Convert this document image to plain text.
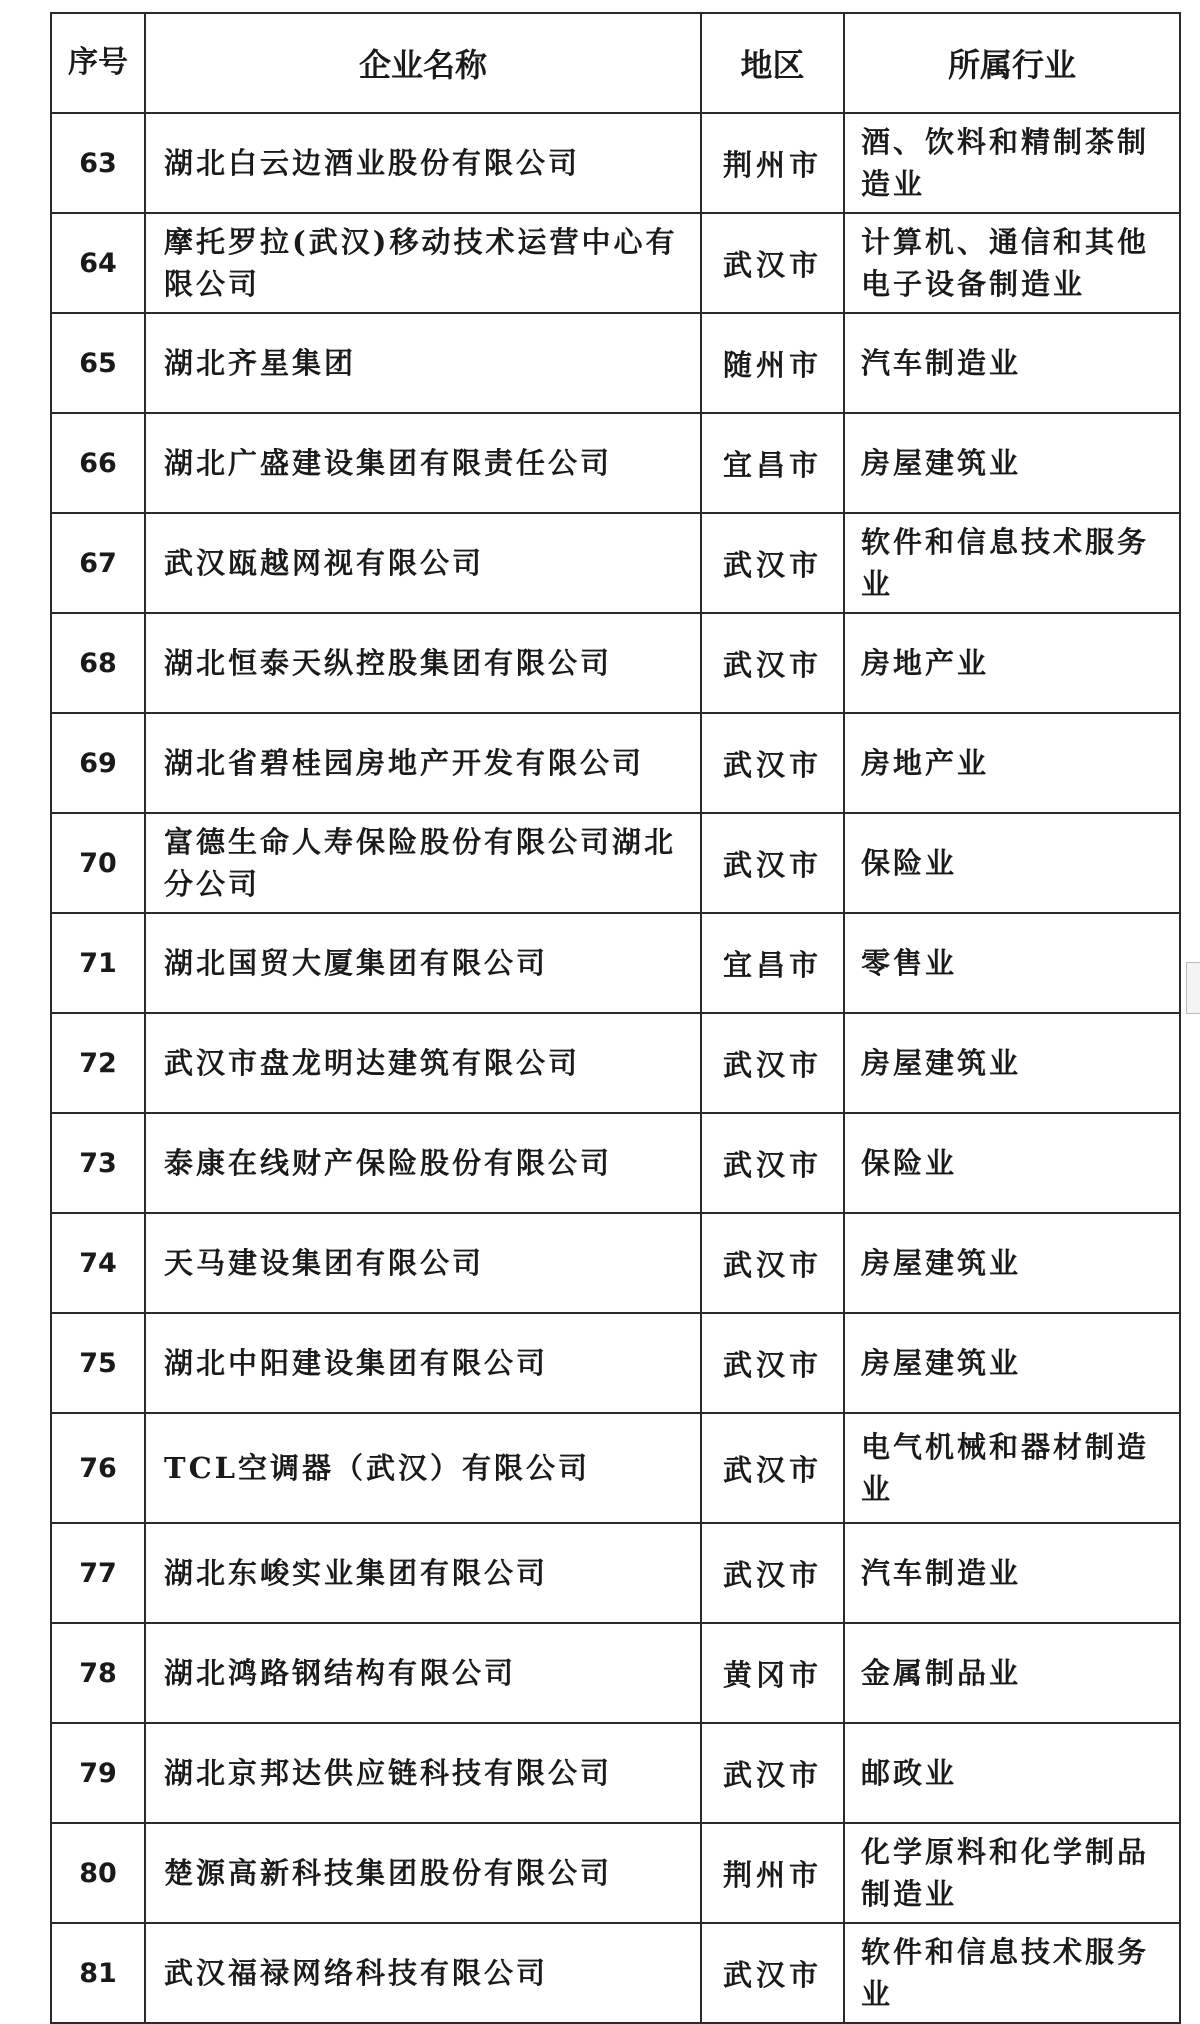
序号	企业名称	地区	所属行业
63	湖北白云边酒业股份有限公司	荆州市	酒、饮料和精制茶制造业
64	摩托罗拉(武汉)移动技术运营中心有限公司	武汉市	计算机、通信和其他电子设备制造业
65	湖北齐星集团	随州市	汽车制造业
66	湖北广盛建设集团有限责任公司	宜昌市	房屋建筑业
67	武汉瓯越网视有限公司	武汉市	软件和信息技术服务业
68	湖北恒泰天纵控股集团有限公司	武汉市	房地产业
69	湖北省碧桂园房地产开发有限公司	武汉市	房地产业
70	富德生命人寿保险股份有限公司湖北分公司	武汉市	保险业
71	湖北国贸大厦集团有限公司	宜昌市	零售业
72	武汉市盘龙明达建筑有限公司	武汉市	房屋建筑业
73	泰康在线财产保险股份有限公司	武汉市	保险业
74	天马建设集团有限公司	武汉市	房屋建筑业
75	湖北中阳建设集团有限公司	武汉市	房屋建筑业
76	TCL空调器（武汉）有限公司	武汉市	电气机械和器材制造业
77	湖北东峻实业集团有限公司	武汉市	汽车制造业
78	湖北鸿路钢结构有限公司	黄冈市	金属制品业
79	湖北京邦达供应链科技有限公司	武汉市	邮政业
80	楚源高新科技集团股份有限公司	荆州市	化学原料和化学制品制造业
81	武汉福禄网络科技有限公司	武汉市	软件和信息技术服务业
